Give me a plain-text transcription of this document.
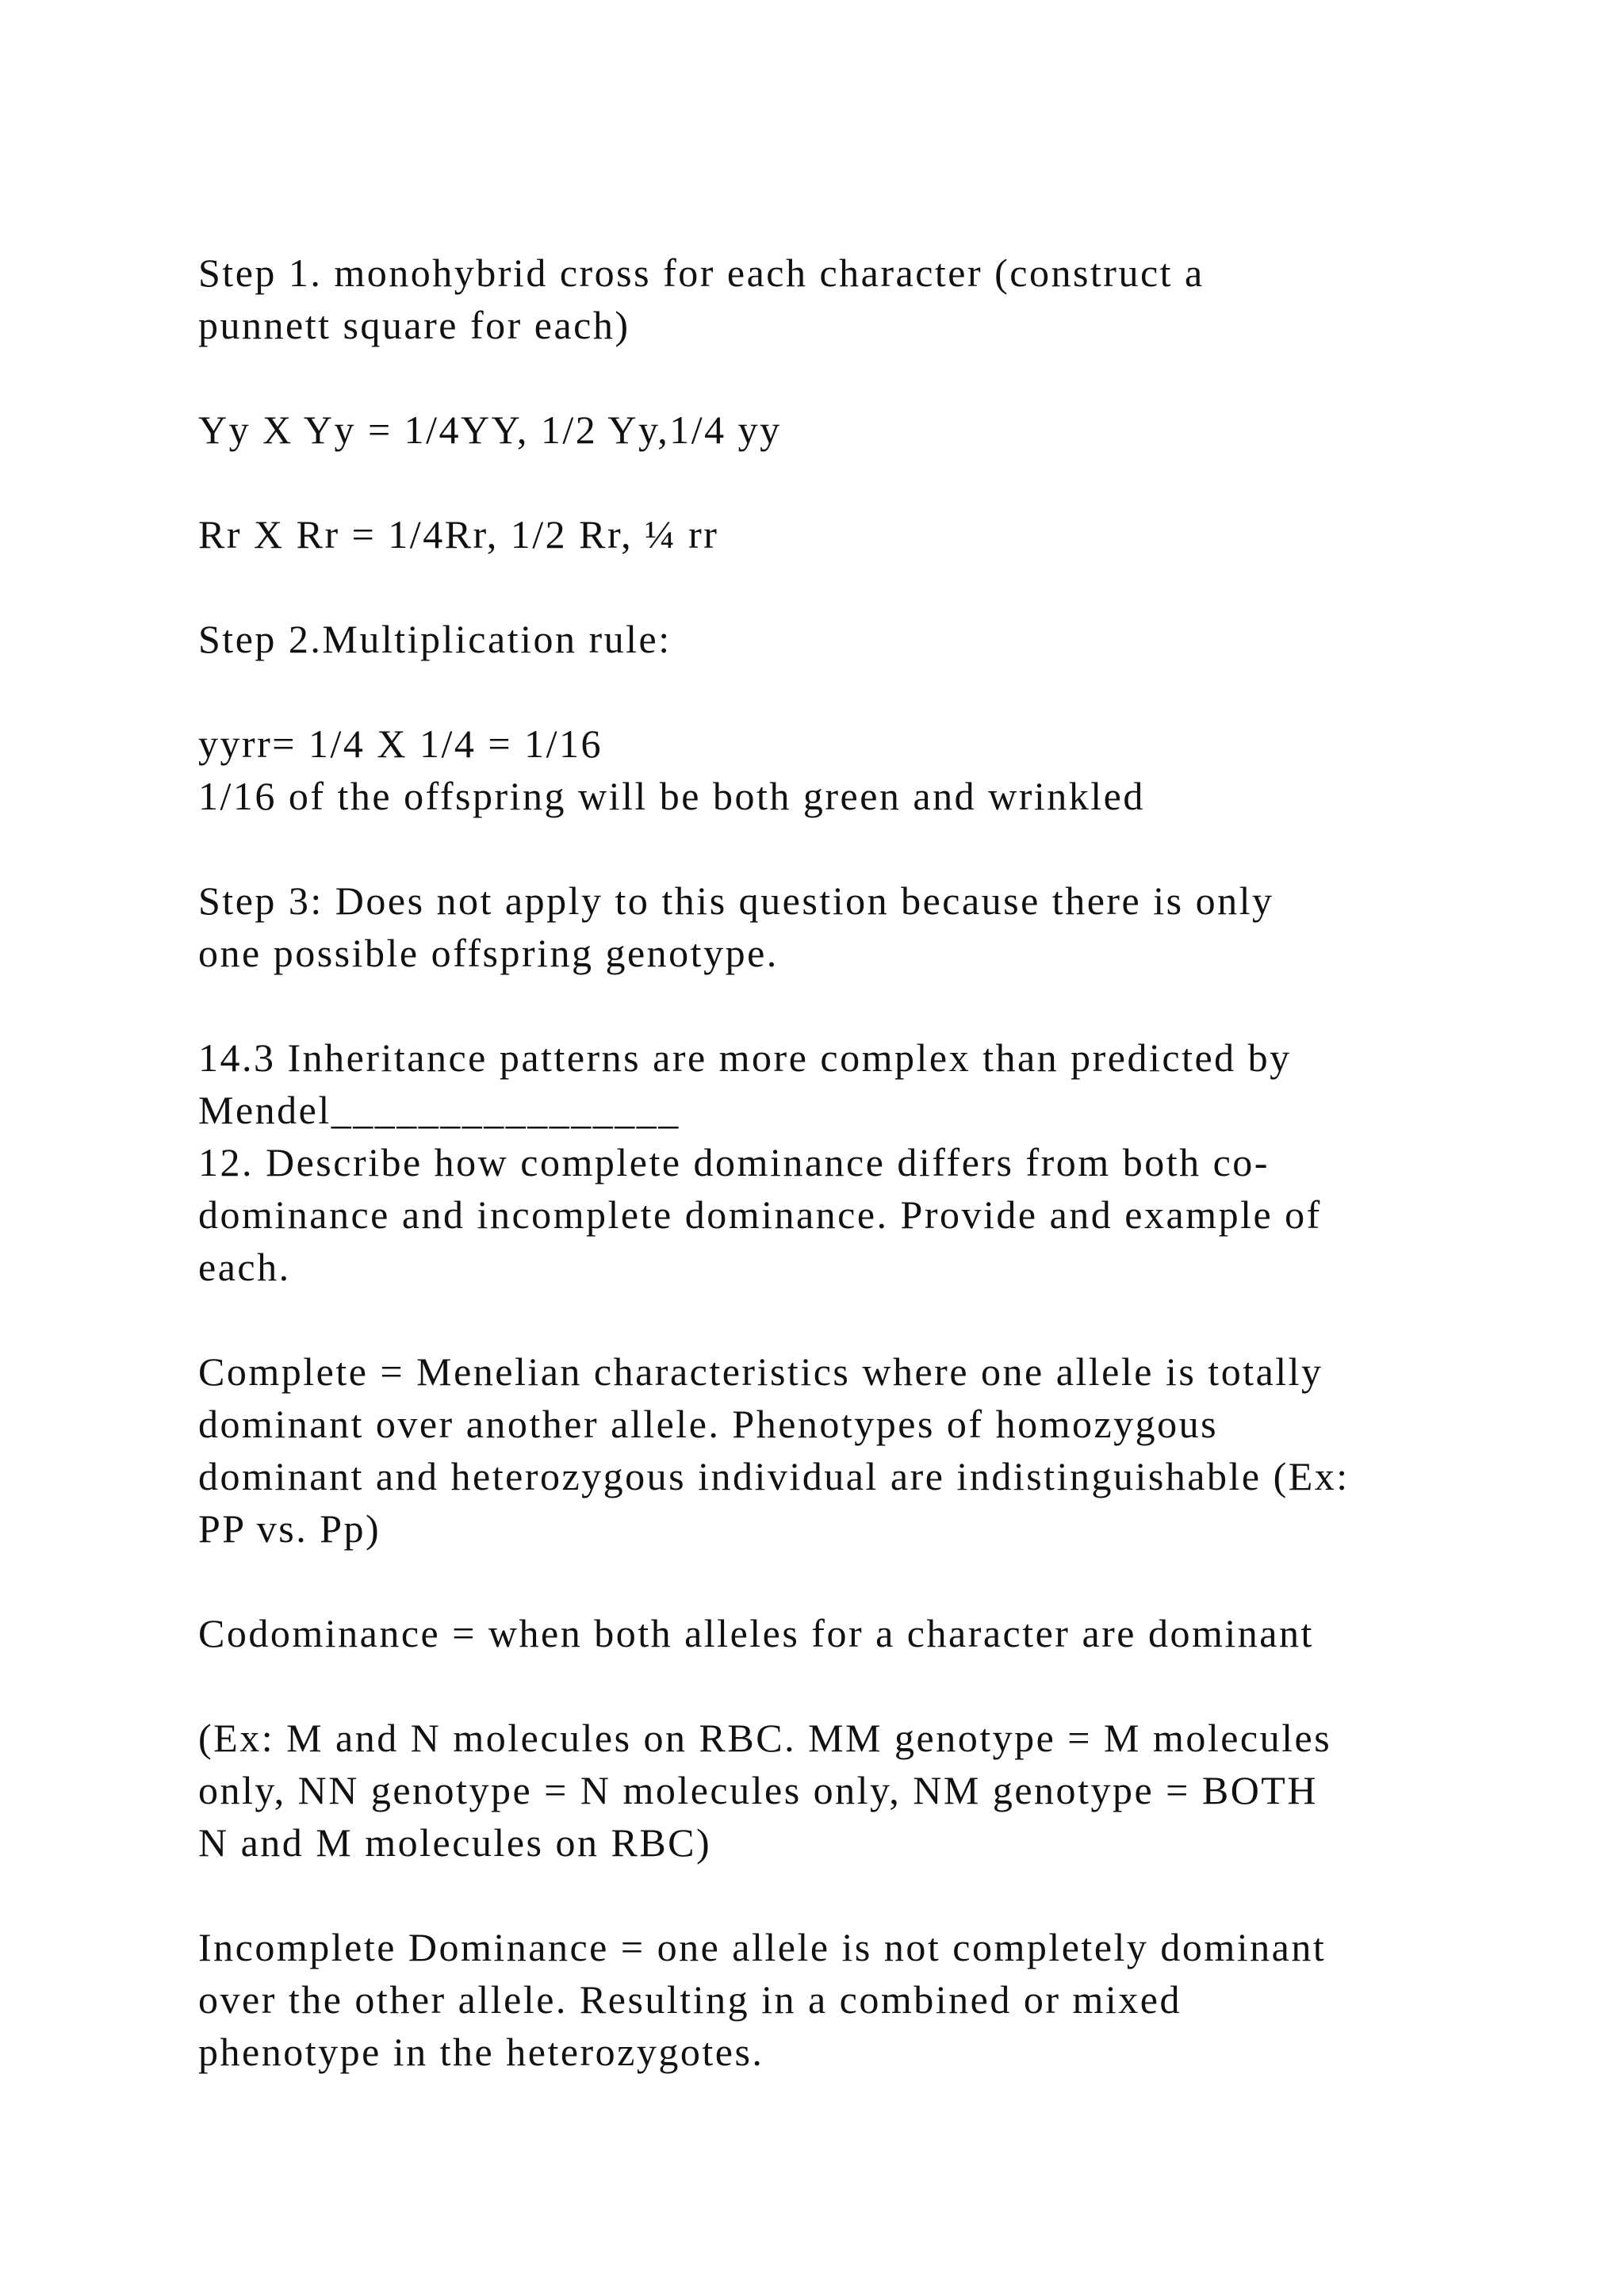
Step 1. monohybrid cross for each character (construct a
punnett square for each)
Yy X Yy = 1/4YY, 1/2 Yy,1/4 yy
Rr X Rr = 1/4Rr, 1/2 Rr, ¼ rr
Step 2.Multiplication rule:
yyrr= 1/4 X 1/4 = 1/16
1/16 of the offspring will be both green and wrinkled
Step 3: Does not apply to this question because there is only
one possible offspring genotype.
14.3 Inheritance patterns are more complex than predicted by
Mendel________________
12. Describe how complete dominance differs from both co-
dominance and incomplete dominance. Provide and example of
each.
Complete = Menelian characteristics where one allele is totally
dominant over another allele. Phenotypes of homozygous
dominant and heterozygous individual are indistinguishable (Ex:
PP vs. Pp)
Codominance = when both alleles for a character are dominant
(Ex: M and N molecules on RBC. MM genotype = M molecules
only, NN genotype = N molecules only, NM genotype = BOTH
N and M molecules on RBC)
Incomplete Dominance = one allele is not completely dominant
over the other allele. Resulting in a combined or mixed
phenotype in the heterozygotes.
